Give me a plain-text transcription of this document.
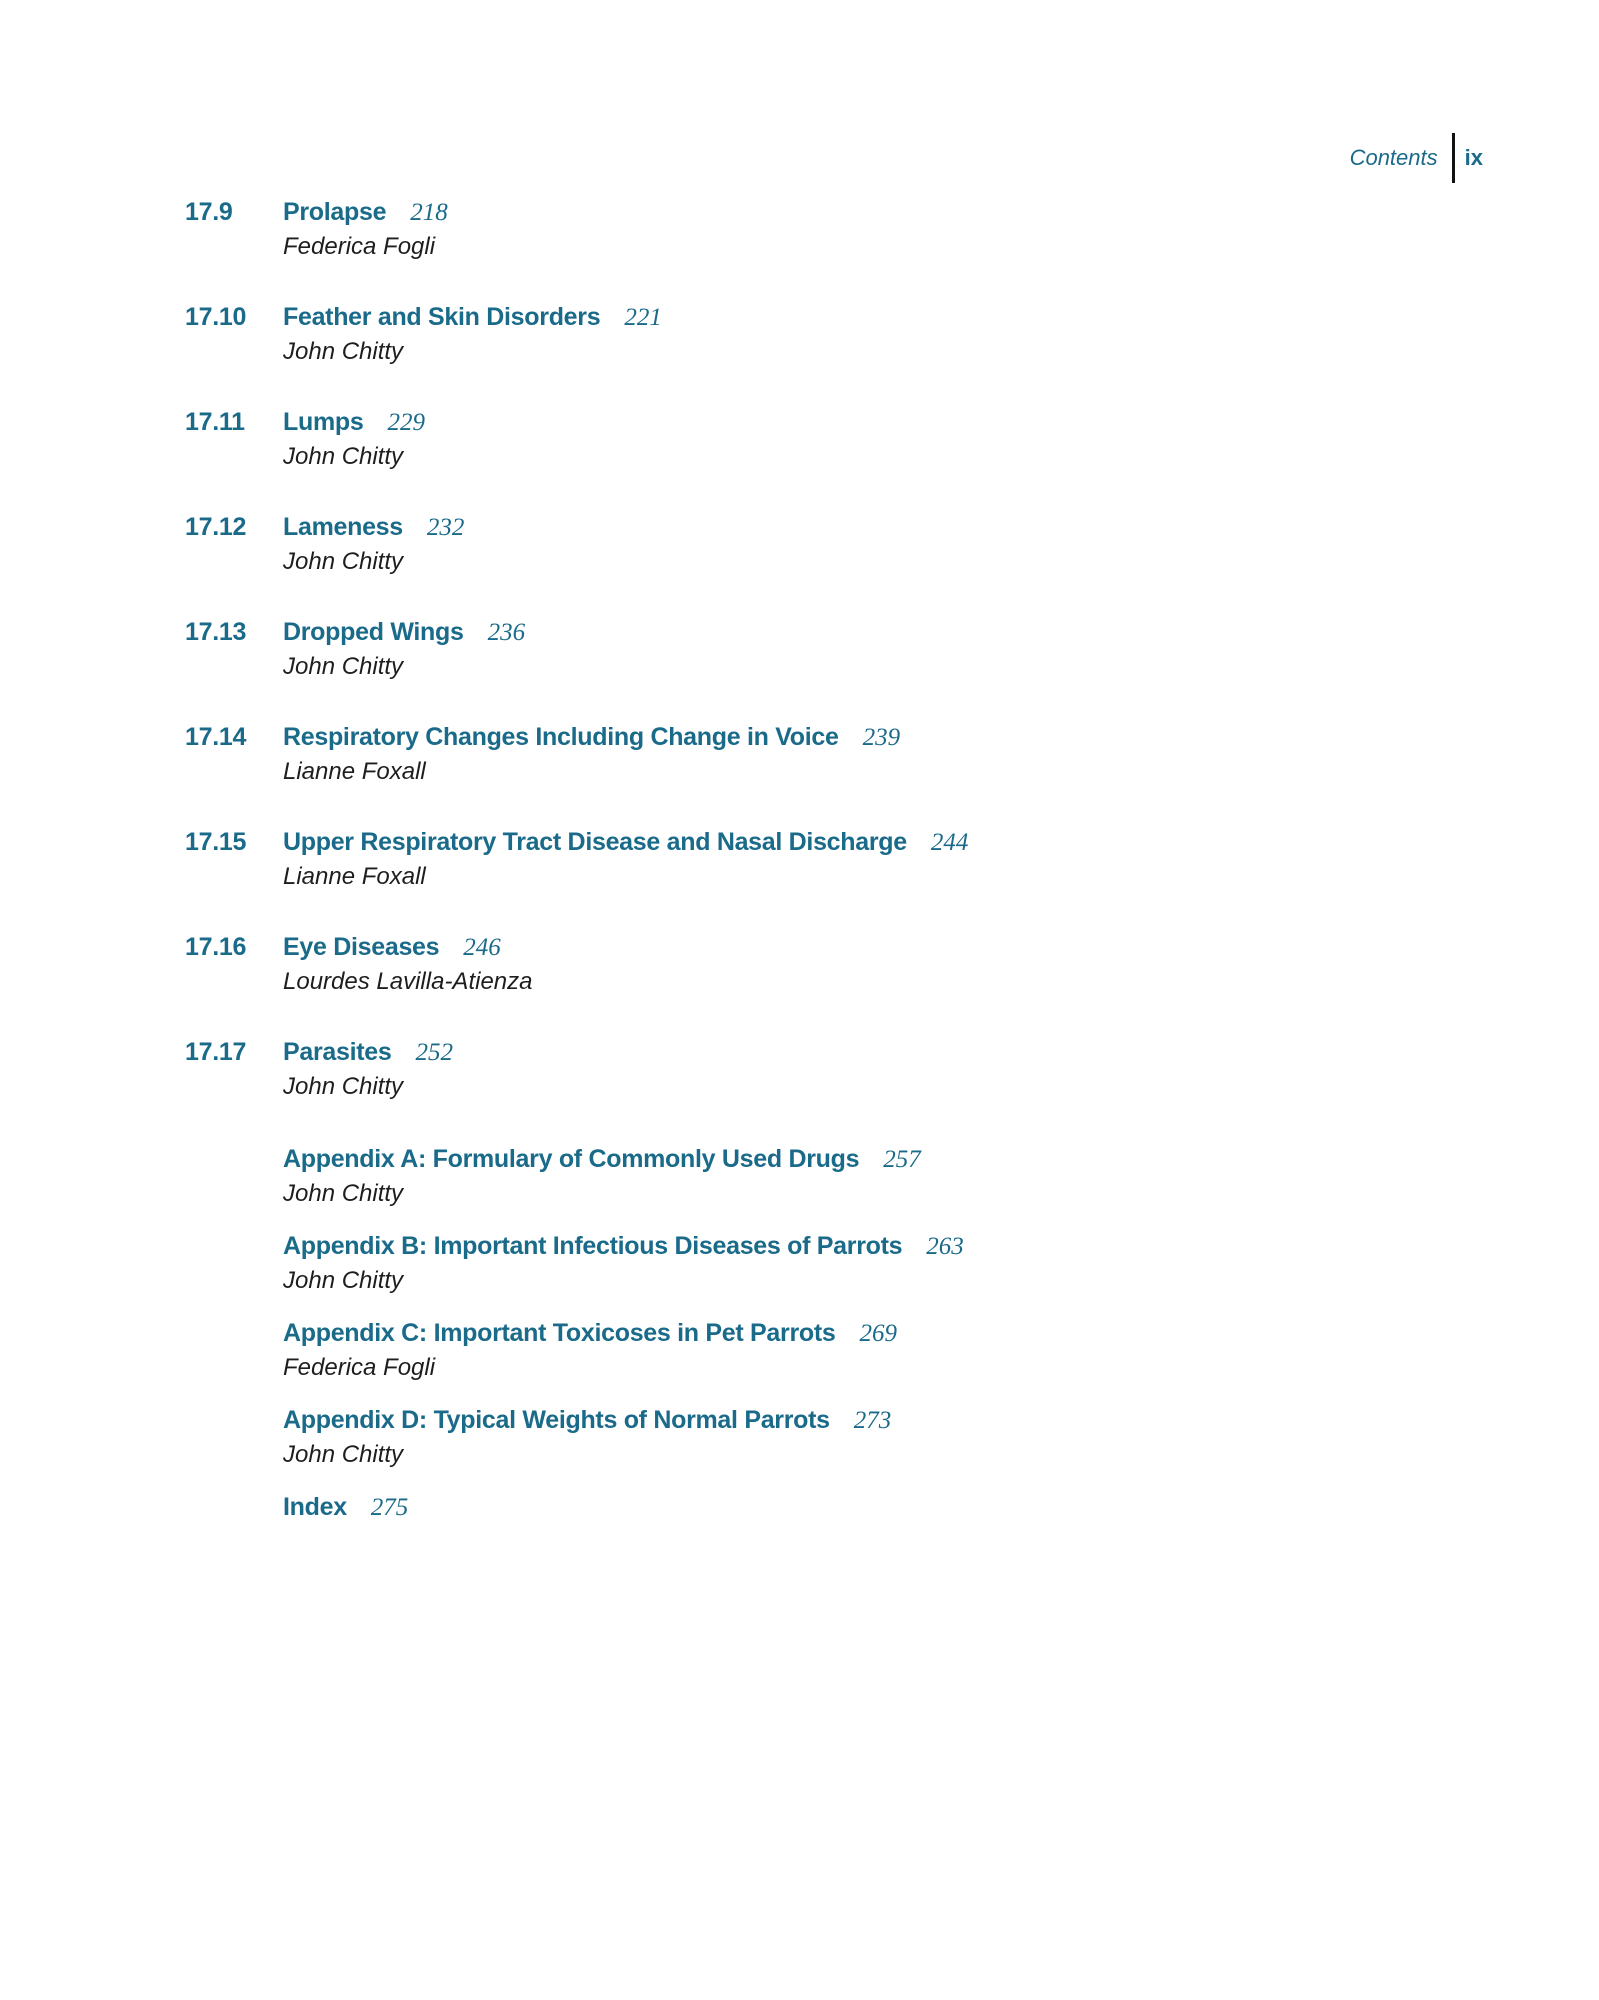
Contents ix
17.9 Prolapse 218
Federica Fogli
17.10 Feather and Skin Disorders 221
John Chitty
17.11 Lumps 229
John Chitty
17.12 Lameness 232
John Chitty
17.13 Dropped Wings 236
John Chitty
17.14 Respiratory Changes Including Change in Voice 239
Lianne Foxall
17.15 Upper Respiratory Tract Disease and Nasal Discharge 244
Lianne Foxall
17.16 Eye Diseases 246
Lourdes Lavilla-Atienza
17.17 Parasites 252
John Chitty
Appendix A: Formulary of Commonly Used Drugs 257
John Chitty
Appendix B: Important Infectious Diseases of Parrots 263
John Chitty
Appendix C: Important Toxicoses in Pet Parrots 269
Federica Fogli
Appendix D: Typical Weights of Normal Parrots 273
John Chitty
Index 275
